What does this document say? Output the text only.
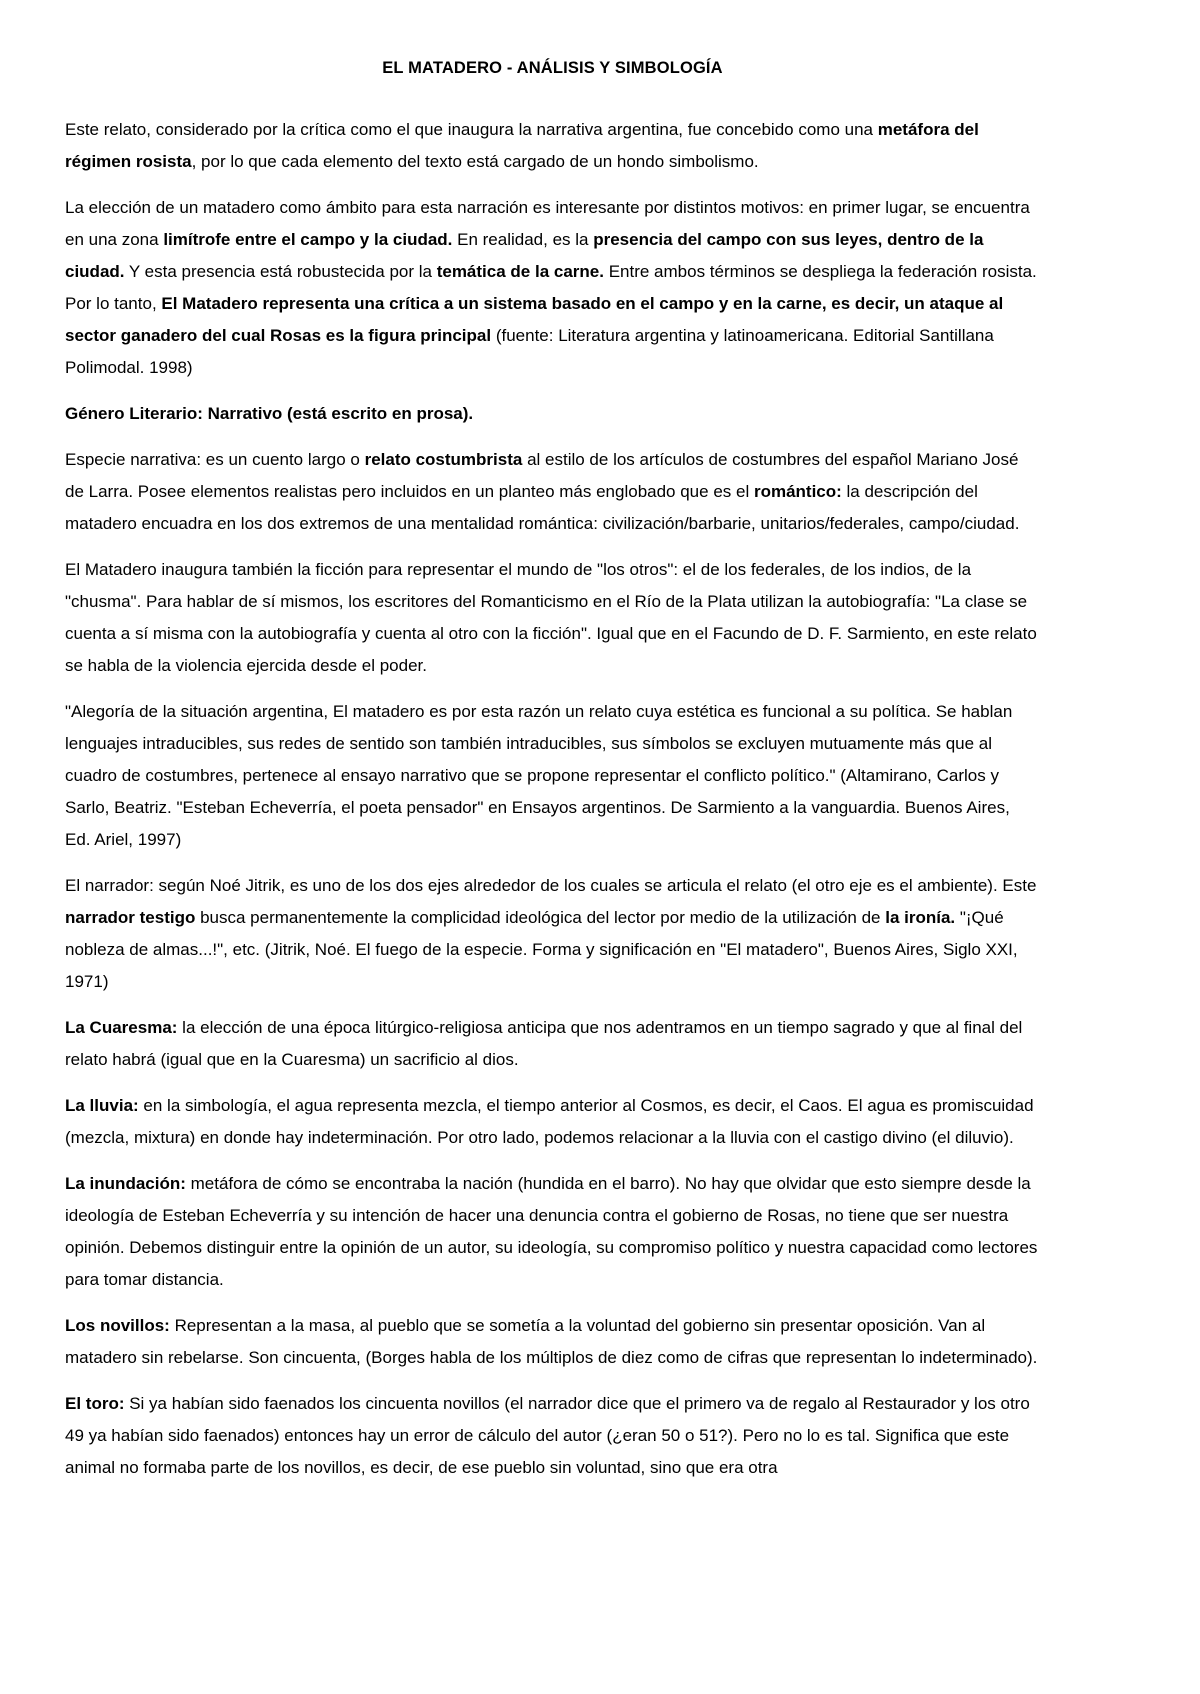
EL MATADERO - ANÁLISIS Y SIMBOLOGÍA

Este relato, considerado por la crítica como el que inaugura la narrativa argentina, fue concebido como una metáfora del régimen rosista, por lo que cada elemento del texto está cargado de un hondo simbolismo.

La elección de un matadero como ámbito para esta narración es interesante por distintos motivos: en primer lugar, se encuentra en una zona limítrofe entre el campo y la ciudad. En realidad, es la presencia del campo con sus leyes, dentro de la ciudad. Y esta presencia está robustecida por la temática de la carne. Entre ambos términos se despliega la federación rosista. Por lo tanto, El Matadero representa una crítica a un sistema basado en el campo y en la carne, es decir, un ataque al sector ganadero del cual Rosas es la figura principal (fuente: Literatura argentina y latinoamericana. Editorial Santillana Polimodal. 1998)

Género Literario: Narrativo (está escrito en prosa).

Especie narrativa: es un cuento largo o relato costumbrista al estilo de los artículos de costumbres del español Mariano José de Larra. Posee elementos realistas pero incluidos en un planteo más englobado que es el romántico: la descripción del matadero encuadra en los dos extremos de una mentalidad romántica: civilización/barbarie, unitarios/federales, campo/ciudad.

El Matadero inaugura también la ficción para representar el mundo de "los otros": el de los federales, de los indios, de la "chusma". Para hablar de sí mismos, los escritores del Romanticismo en el Río de la Plata utilizan la autobiografía: "La clase se cuenta a sí misma con la autobiografía y cuenta al otro con la ficción". Igual que en el Facundo de D. F. Sarmiento, en este relato se habla de la violencia ejercida desde el poder.

"Alegoría de la situación argentina, El matadero es por esta razón un relato cuya estética es funcional a su política. Se hablan lenguajes intraducibles, sus redes de sentido son también intraducibles, sus símbolos se excluyen mutuamente más que al cuadro de costumbres, pertenece al ensayo narrativo que se propone representar el conflicto político." (Altamirano, Carlos y Sarlo, Beatriz. "Esteban Echeverría, el poeta pensador" en Ensayos argentinos. De Sarmiento a la vanguardia. Buenos Aires, Ed. Ariel, 1997)

El narrador: según Noé Jitrik, es uno de los dos ejes alrededor de los cuales se articula el relato (el otro eje es el ambiente). Este narrador testigo busca permanentemente la complicidad ideológica del lector por medio de la utilización de la ironía. "¡Qué nobleza de almas...!", etc. (Jitrik, Noé. El fuego de la especie. Forma y significación en "El matadero", Buenos Aires, Siglo XXI, 1971)

La Cuaresma: la elección de una época litúrgico-religiosa anticipa que nos adentramos en un tiempo sagrado y que al final del relato habrá (igual que en la Cuaresma) un sacrificio al dios.

La lluvia: en la simbología, el agua representa mezcla, el tiempo anterior al Cosmos, es decir, el Caos. El agua es promiscuidad (mezcla, mixtura) en donde hay indeterminación. Por otro lado, podemos relacionar a la lluvia con el castigo divino (el diluvio).

La inundación: metáfora de cómo se encontraba la nación (hundida en el barro). No hay que olvidar que esto siempre desde la ideología de Esteban Echeverría y su intención de hacer una denuncia contra el gobierno de Rosas, no tiene que ser nuestra opinión. Debemos distinguir entre la opinión de un autor, su ideología, su compromiso político y nuestra capacidad como lectores para tomar distancia.

Los novillos: Representan a la masa, al pueblo que se sometía a la voluntad del gobierno sin presentar oposición. Van al matadero sin rebelarse. Son cincuenta, (Borges habla de los múltiplos de diez como de cifras que representan lo indeterminado).

El toro: Si ya habían sido faenados los cincuenta novillos (el narrador dice que el primero va de regalo al Restaurador y los otro 49 ya habían sido faenados) entonces hay un error de cálculo del autor (¿eran 50 o 51?). Pero no lo es tal. Significa que este animal no formaba parte de los novillos, es decir, de ese pueblo sin voluntad, sino que era otra
